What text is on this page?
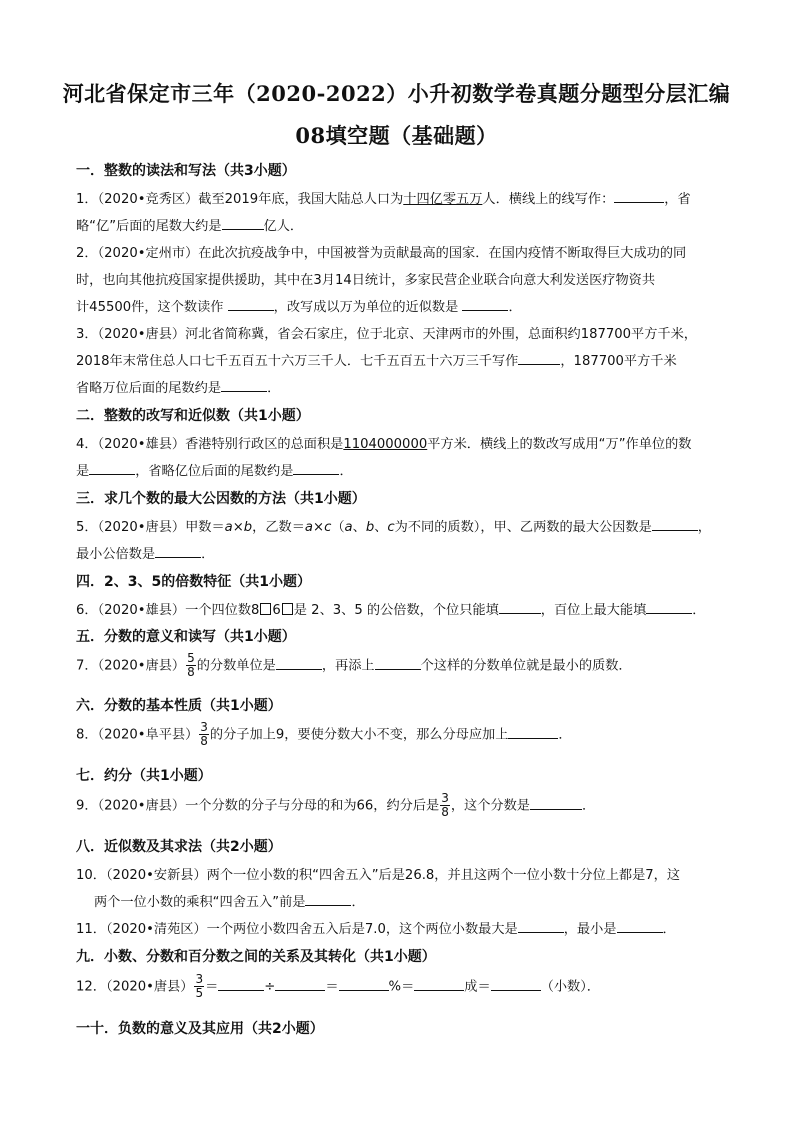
河北省保定市三年（2020-2022）小升初数学卷真题分题型分层汇编
08填空题（基础题）
一．整数的读法和写法（共3小题）
1．（2020•竞秀区）截至2019年底，我国大陆总人口为十四亿零五万人．横线上的线写作：	，省
略“亿”后面的尾数大约是	亿人．
2．（2020•定州市）在此次抗疫战争中，中国被誉为贡献最高的国家．在国内疫情不断取得巨大成功的同
时，也向其他抗疫国家提供援助，其中在3月14日统计，多家民营企业联合向意大利发送医疗物资共
计45500件，这个数读作	，改写成以万为单位的近似数是	．
3．（2020•唐县）河北省简称冀，省会石家庄，位于北京、天津两市的外围，总面积约187700平方千米，
2018年末常住总人口七千五百五十六万三千人．七千五百五十六万三千写作	，187700平方千米
省略万位后面的尾数约是	．
二．整数的改写和近似数（共1小题）
4．（2020•雄县）香港特别行政区的总面积是1104000000平方米．横线上的数改写成用“万”作单位的数
是	，省略亿位后面的尾数约是	．
三．求几个数的最大公因数的方法（共1小题）
5．（2020•唐县）甲数＝a×b，乙数＝a×c（a、b、c为不同的质数），甲、乙两数的最大公因数是	，
最小公倍数是	．
四．2、3、5的倍数特征（共1小题）
6．（2020•雄县）一个四位数8 6 是 2、3、5 的公倍数，个位只能填	，百位上最大能填	．
五．分数的意义和读写（共1小题）
7．（2020•唐县） $\frac{5}{8}$ 的分数单位是	，再添上	个这样的分数单位就是最小的质数．
六．分数的基本性质（共1小题）
8．（2020•阜平县） $\frac{3}{8}$ 的分子加上9，要使分数大小不变，那么分母应加上	．
七．约分（共1小题）
9．（2020•唐县）一个分数的分子与分母的和为66，约分后是 $\frac{3}{8}$ ，这个分数是	．
八．近似数及其求法（共2小题）
10．（2020•安新县）两个一位小数的积“四舍五入”后是26.8，并且这两个一位小数十分位上都是7，这
两个一位小数的乘积“四舍五入”前是	．
11．（2020•清苑区）一个两位小数四舍五入后是7.0，这个两位小数最大是	，最小是	．
九．小数、分数和百分数之间的关系及其转化（共1小题）
12．（2020•唐县） $\frac{3}{5}$ ＝	÷	＝	%＝	成＝	（小数）．
一十．负数的意义及其应用（共2小题）
